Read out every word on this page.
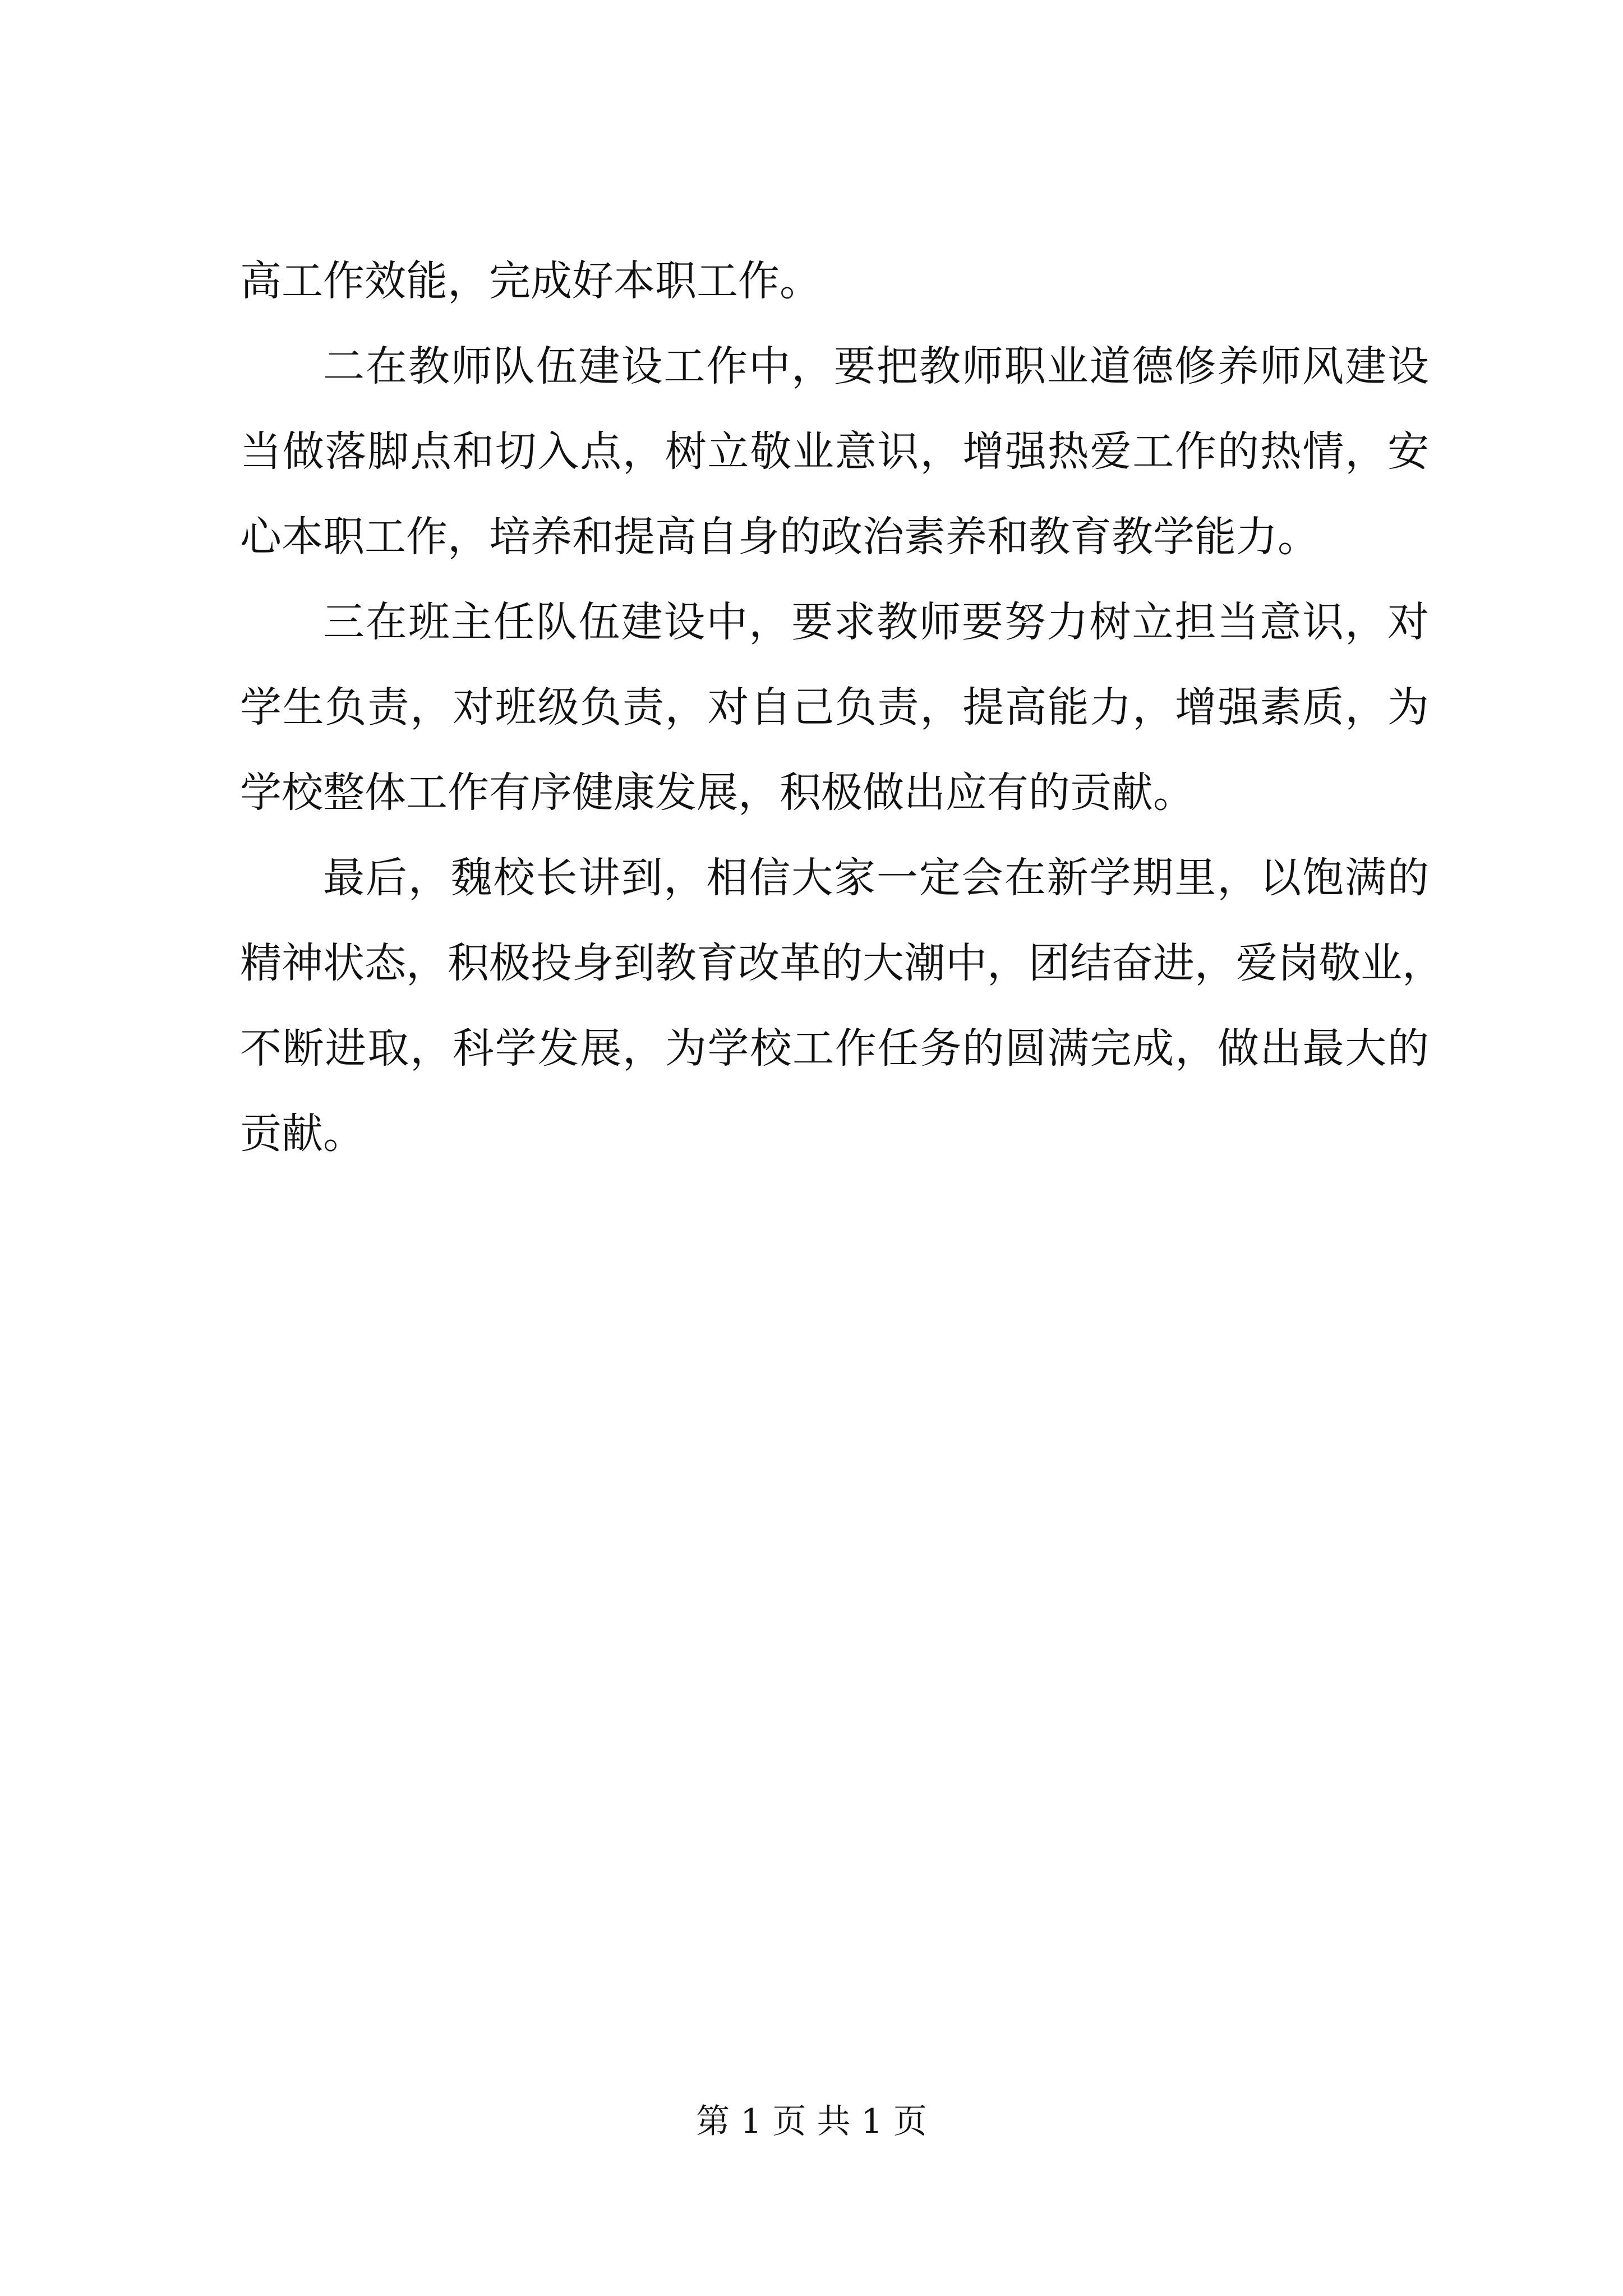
高工作效能，完成好本职工作。
二在教师队伍建设工作中，要把教师职业道德修养师风建设
当做落脚点和切入点，树立敬业意识，增强热爱工作的热情，安
心本职工作，培养和提高自身的政治素养和教育教学能力。
三在班主任队伍建设中，要求教师要努力树立担当意识，对
学生负责，对班级负责，对自己负责，提高能力，增强素质，为
学校整体工作有序健康发展，积极做出应有的贡献。
最后，魏校长讲到，相信大家一定会在新学期里，以饱满的
精神状态，积极投身到教育改革的大潮中，团结奋进，爱岗敬业，
不断进取，科学发展，为学校工作任务的圆满完成，做出最大的
贡献。
第 1 页 共 1 页
